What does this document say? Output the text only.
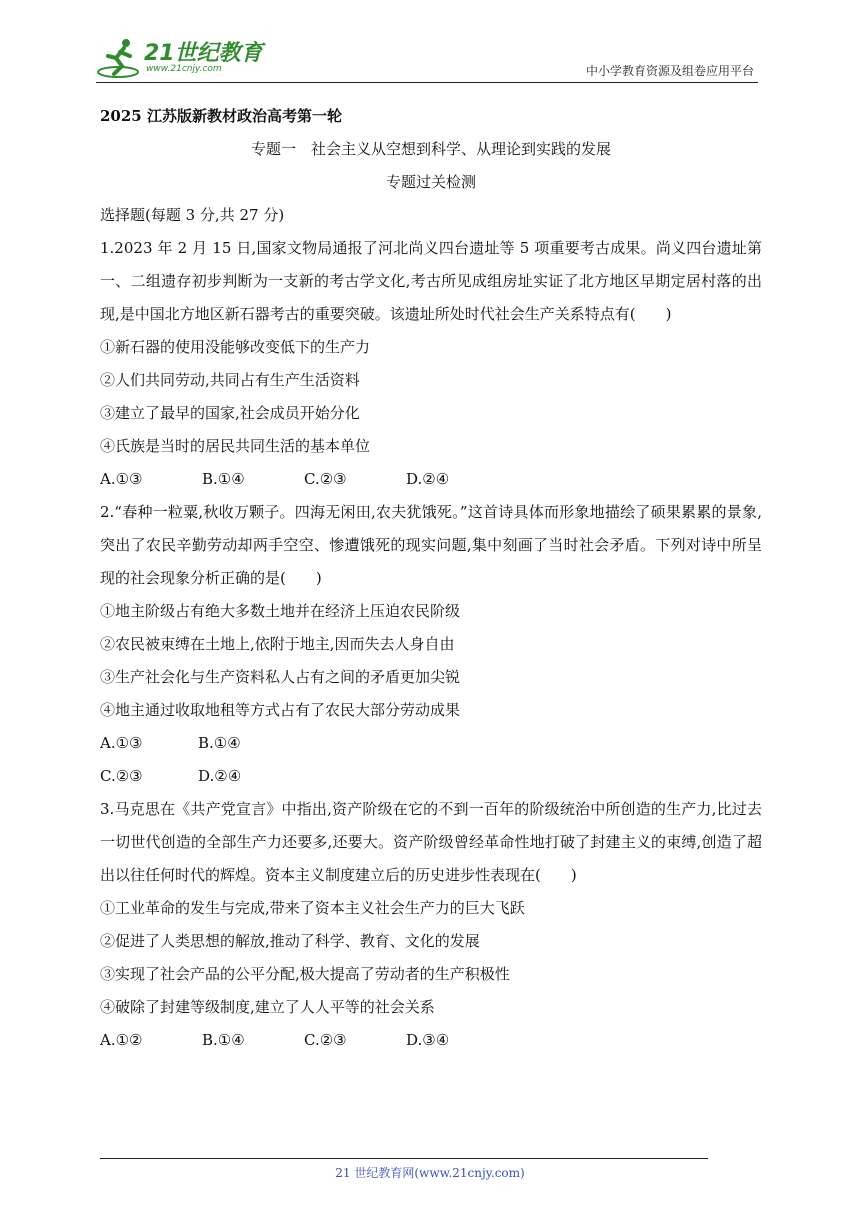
21世纪教育
www.21cnjy.com	中小学教育资源及组卷应用平台
2025 江苏版新教材政治高考第一轮
专题一　社会主义从空想到科学、从理论到实践的发展
专题过关检测
选择题(每题 3 分,共 27 分)
1.2023 年 2 月 15 日,国家文物局通报了河北尚义四台遗址等 5 项重要考古成果。尚义四台遗址第一、二组遗存初步判断为一支新的考古学文化,考古所见成组房址实证了北方地区早期定居村落的出现,是中国北方地区新石器考古的重要突破。该遗址所处时代社会生产关系特点有(　　)
①新石器的使用没能够改变低下的生产力
②人们共同劳动,共同占有生产生活资料
③建立了最早的国家,社会成员开始分化
④氏族是当时的居民共同生活的基本单位
A.①③	B.①④	C.②③	D.②④
2.“春种一粒粟,秋收万颗子。四海无闲田,农夫犹饿死。”这首诗具体而形象地描绘了硕果累累的景象,突出了农民辛勤劳动却两手空空、惨遭饿死的现实问题,集中刻画了当时社会矛盾。下列对诗中所呈现的社会现象分析正确的是(　　)
①地主阶级占有绝大多数土地并在经济上压迫农民阶级
②农民被束缚在土地上,依附于地主,因而失去人身自由
③生产社会化与生产资料私人占有之间的矛盾更加尖锐
④地主通过收取地租等方式占有了农民大部分劳动成果
A.①③	B.①④
C.②③	D.②④
3.马克思在《共产党宣言》中指出,资产阶级在它的不到一百年的阶级统治中所创造的生产力,比过去一切世代创造的全部生产力还要多,还要大。资产阶级曾经革命性地打破了封建主义的束缚,创造了超出以往任何时代的辉煌。资本主义制度建立后的历史进步性表现在(　　)
①工业革命的发生与完成,带来了资本主义社会生产力的巨大飞跃
②促进了人类思想的解放,推动了科学、教育、文化的发展
③实现了社会产品的公平分配,极大提高了劳动者的生产积极性
④破除了封建等级制度,建立了人人平等的社会关系
A.①②	B.①④	C.②③	D.③④
21 世纪教育网(www.21cnjy.com)
